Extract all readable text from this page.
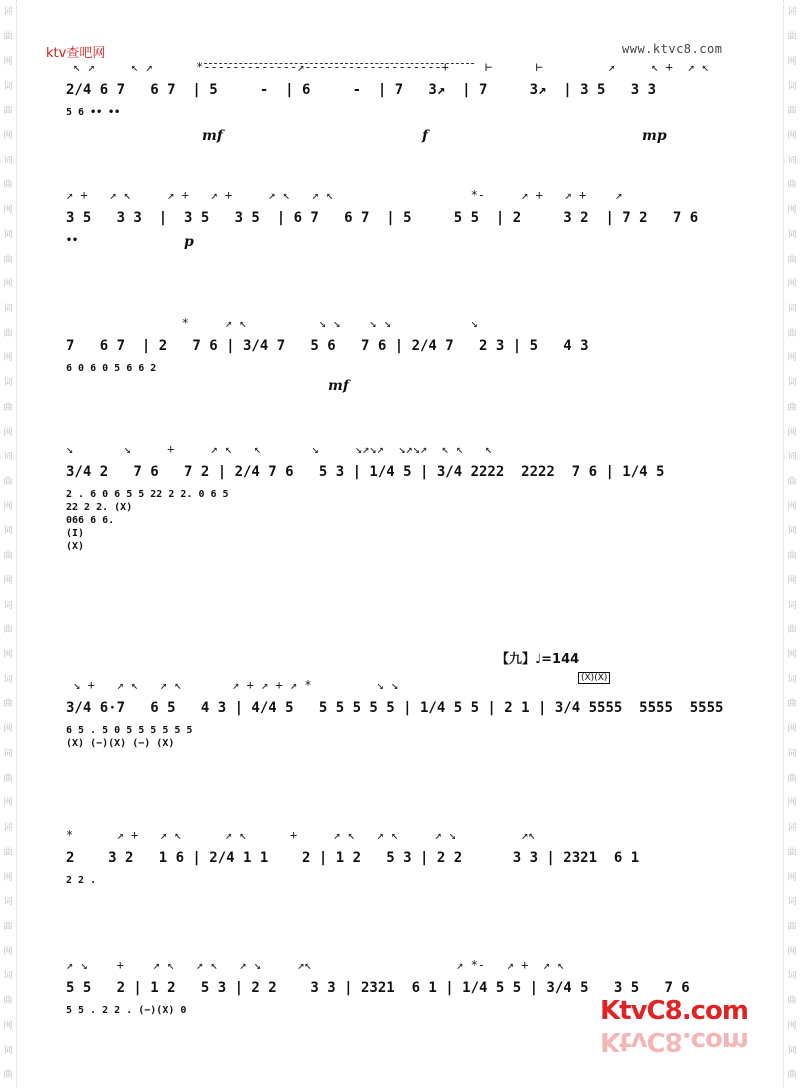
词
曲
网
词
曲
网
词
曲
网
词
曲
网
词
曲
网
词
曲
网
词
曲
网
词
曲
网
词
曲
网
词
曲
网
词
曲
网
词
曲
网
词
曲
网
词
曲
网
词
曲
词
曲
网
词
曲
网
词
曲
网
词
曲
网
词
曲
网
词
曲
网
词
曲
网
词
曲
网
词
曲
网
词
曲
网
词
曲
网
词
曲
网
词
曲
网
词
曲
网
词
曲
ktv查吧网	www.ktvc8.com
↖ ↗     ↖ ↗      *-------------↗-------------------+     ⊢      ⊢         ↗     ↖ +  ↗ ↖
2/4 6 7   6 7  | 5     -  | 6     -  | 7   3↗  | 7     3↗  | 3 5   3 3
5 6 •• ••
mf	f	mp
↗ +   ↗ ↖     ↗ +   ↗ +     ↗ ↖   ↗ ↖                   *-     ↗ +   ↗ +    ↗
3 5   3 3  |  3 5   3 5  | 6 7   6 7  | 5     5 5  | 2     3 2  | 7 2   7 6
••	p
*     ↗ ↖          ↘ ↘    ↘ ↘           ↘
7   6 7  | 2   7 6 | 3/4 7   5 6   7 6 | 2/4 7   2 3 | 5   4 3
6 0 6 0 5 6 6 2
mf
↘       ↘     +     ↗ ↖   ↖       ↘     ↘↗↘↗  ↘↗↘↗  ↖ ↖   ↖
3/4 2   7 6   7 2 | 2/4 7 6   5 3 | 1/4 5 | 3/4 2222  2222  7 6 | 1/4 5
2 . 6 0 6 5 5 22 2 2. 0 6 5
22 2 2. (X)
066 6 6.
(I)
(X)
【九】♩=144
(X)(X)
↘ +   ↗ ↖   ↗ ↖       ↗ + ↗ + ↗ *         ↘ ↘
3/4 6·7   6 5   4 3 | 4/4 5   5 5 5 5 5 | 1/4 5 5 | 2 1 | 3/4 5555  5555  5555
6 5 . 5 0 5 5 5 5 5 5
(X) (−)(X) (−) (X)
*      ↗ +   ↗ ↖      ↗ ↖      +     ↗ ↖   ↗ ↖     ↗ ↘         ↗↖
2    3 2   1 6 | 2/4 1 1    2 | 1 2   5 3 | 2 2      3 3 | 2321  6 1
2 2 .
↗ ↘    +    ↗ ↖   ↗ ↖   ↗ ↘     ↗↖                    ↗ *-   ↗ +  ↗ ↖
5 5   2 | 1 2   5 3 | 2 2    3 3 | 2321  6 1 | 1/4 5 5 | 3/4 5   3 5   7 6
5 5 . 2 2 . (−)(X) 0	KtvC8.com
KtvC8.com
